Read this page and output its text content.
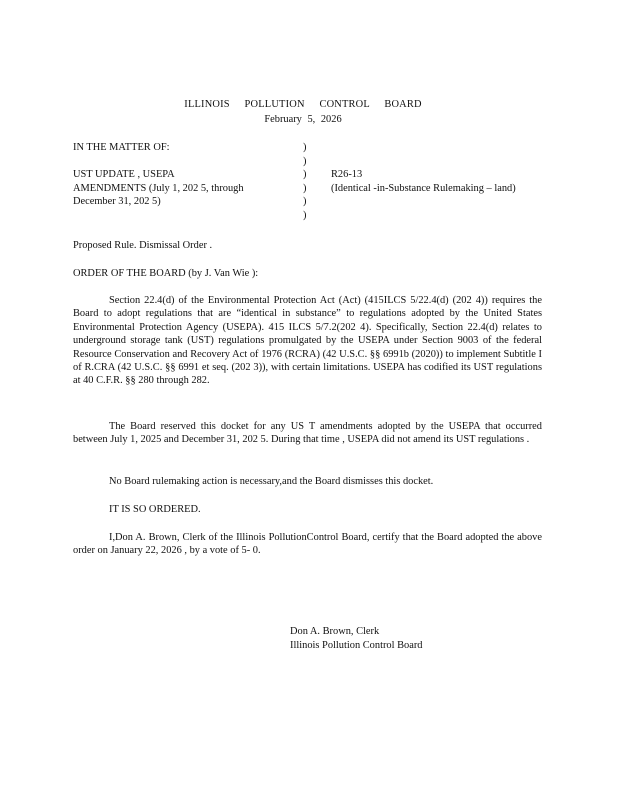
ILLINOIS POLLUTION CONTROL BOARD
February 5, 2026
IN THE MATTER OF:
UST UPDATE , USEPA
AMENDMENTS (July 1, 202 5, through
December 31, 202 5)
)
)
)
)
)
)
R26-13
(Identical -in-Substance Rulemaking – land)
Proposed Rule. Dismissal Order .
ORDER OF THE BOARD (by J. Van Wie ):
Section 22.4(d) of the Environmental Protection Act (Act) (415ILCS 5/22.4(d) (202 4)) requires the Board to adopt regulations that are “identical in substance” to regulations adopted by the United States Environmental Protection Agency (USEPA). 415 ILCS 5/7.2(202 4). Specifically, Section 22.4(d) relates to underground storage tank (UST) regulations promulgated by the USEPA under Section 9003 of the federal Resource Conservation and Recovery Act of 1976 (RCRA) (42 U.S.C. §§ 6991b (2020)) to implement Subtitle I of R.CRA (42 U.S.C. §§ 6991 et seq. (202 3)), with certain limitations. USEPA has codified its UST regulations at 40 C.F.R. §§ 280 through 282.
The Board reserved this docket for any US T amendments adopted by the USEPA that occurred between July 1, 2025 and December 31, 202 5. During that time , USEPA did not amend its UST regulations .
No Board rulemaking action is necessary,and the Board dismisses this docket.
IT IS SO ORDERED.
I,Don A. Brown, Clerk of the Illinois PollutionControl Board, certify that the Board adopted the above order on January 22, 2026 , by a vote of 5- 0.
Don A. Brown, Clerk
Illinois Pollution Control Board
